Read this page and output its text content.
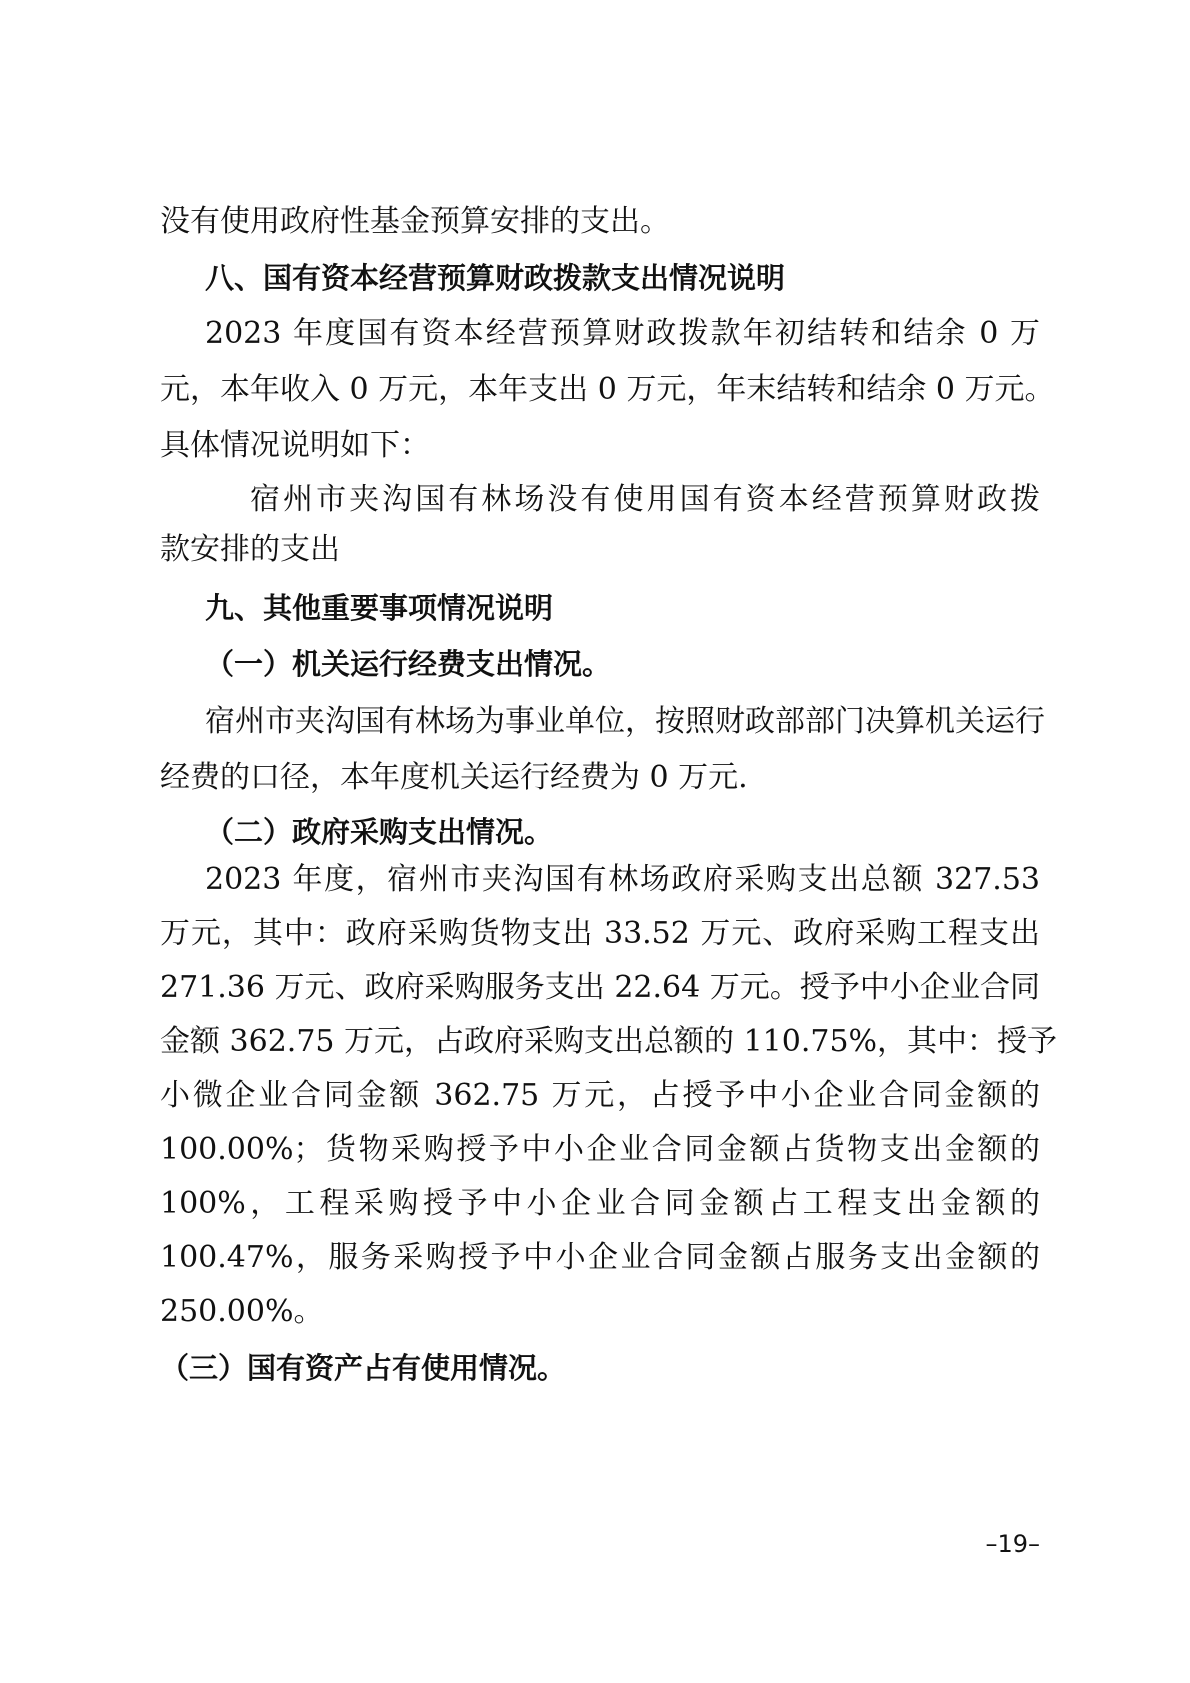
没有使用政府性基金预算安排的支出。
八、国有资本经营预算财政拨款支出情况说明
2023 年度国有资本经营预算财政拨款年初结转和结余 0 万
元，本年收入 0 万元，本年支出 0 万元，年末结转和结余 0 万元。
具体情况说明如下：
宿州市夹沟国有林场没有使用国有资本经营预算财政拨
款安排的支出
九、其他重要事项情况说明
（一）机关运行经费支出情况。
宿州市夹沟国有林场为事业单位，按照财政部部门决算机关运行
经费的口径，本年度机关运行经费为 0 万元.
（二）政府采购支出情况。
2023 年度，宿州市夹沟国有林场政府采购支出总额 327.53
万元，其中：政府采购货物支出 33.52 万元、政府采购工程支出
271.36 万元、政府采购服务支出 22.64 万元。授予中小企业合同
金额 362.75 万元，占政府采购支出总额的 110.75%，其中：授予
小微企业合同金额 362.75 万元，占授予中小企业合同金额的
100.00%；货物采购授予中小企业合同金额占货物支出金额的
100%，工程采购授予中小企业合同金额占工程支出金额的
100.47%，服务采购授予中小企业合同金额占服务支出金额的
250.00%。
（三）国有资产占有使用情况。
–19–
